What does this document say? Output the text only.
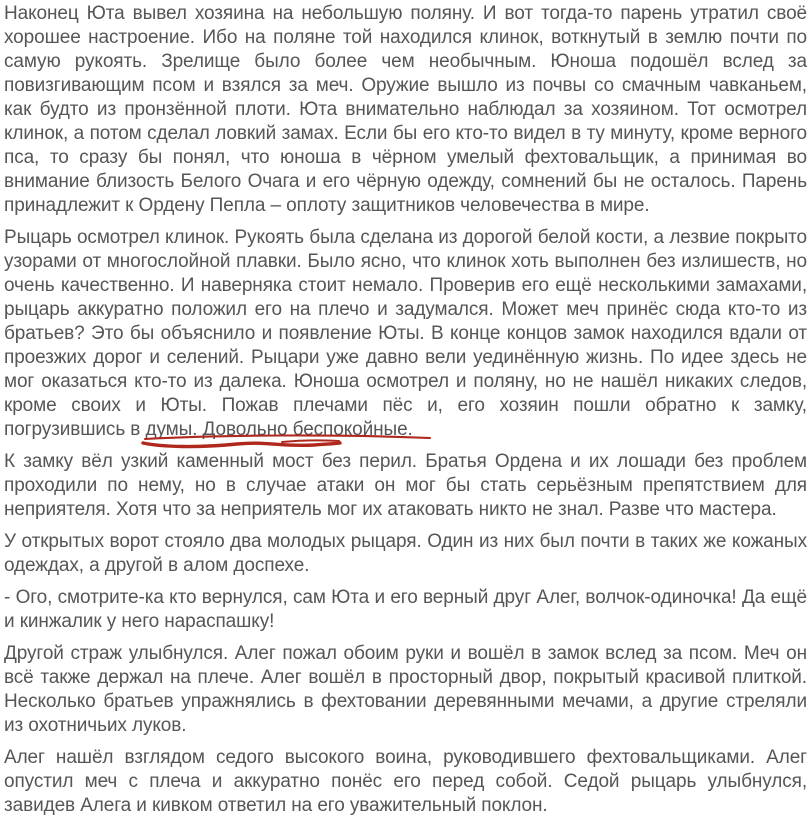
Наконец Юта вывел хозяина на небольшую поляну. И вот тогда-то парень утратил своё хорошее настроение. Ибо на поляне той находился клинок, воткнутый в землю почти по самую рукоять. Зрелище было более чем необычным. Юноша подошёл вслед за повизгивающим псом и взялся за меч. Оружие вышло из почвы со смачным чавканьем, как будто из пронзённой плоти. Юта внимательно наблюдал за хозяином. Тот осмотрел клинок, а потом сделал ловкий замах. Если бы его кто-то видел в ту минуту, кроме верного пса, то сразу бы понял, что юноша в чёрном умелый фехтовальщик, а принимая во внимание близость Белого Очага и его чёрную одежду, сомнений бы не осталось. Парень принадлежит к Ордену Пепла – оплоту защитников человечества в мире.

Рыцарь осмотрел клинок. Рукоять была сделана из дорогой белой кости, а лезвие покрыто узорами от многослойной плавки. Было ясно, что клинок хоть выполнен без излишеств, но очень качественно. И наверняка стоит немало. Проверив его ещё несколькими замахами, рыцарь аккуратно положил его на плечо и задумался. Может меч принёс сюда кто-то из братьев? Это бы объяснило и появление Юты. В конце концов замок находился вдали от проезжих дорог и селений. Рыцари уже давно вели уединённую жизнь. По идее здесь не мог оказаться кто-то из далека. Юноша осмотрел и поляну, но не нашёл никаких следов, кроме своих и Юты. Пожав плечами пёс и, его хозяин пошли обратно к замку, погрузившись в думы. Довольно беспокойные.

К замку вёл узкий каменный мост без перил. Братья Ордена и их лошади без проблем проходили по нему, но в случае атаки он мог бы стать серьёзным препятствием для неприятеля. Хотя что за неприятель мог их атаковать никто не знал. Разве что мастера.

У открытых ворот стояло два молодых рыцаря. Один из них был почти в таких же кожаных одеждах, а другой в алом доспехе.

- Ого, смотрите-ка кто вернулся, сам Юта и его верный друг Алег, волчок-одиночка! Да ещё и кинжалик у него нараспашку!

Другой страж улыбнулся. Алег пожал обоим руки и вошёл в замок вслед за псом. Меч он всё также держал на плече. Алег вошёл в просторный двор, покрытый красивой плиткой. Несколько братьев упражнялись в фехтовании деревянными мечами, а другие стреляли из охотничьих луков.

Алег нашёл взглядом седого высокого воина, руководившего фехтовальщиками. Алег опустил меч с плеча и аккуратно понёс его перед собой. Седой рыцарь улыбнулся, завидев Алега и кивком ответил на его уважительный поклон.
